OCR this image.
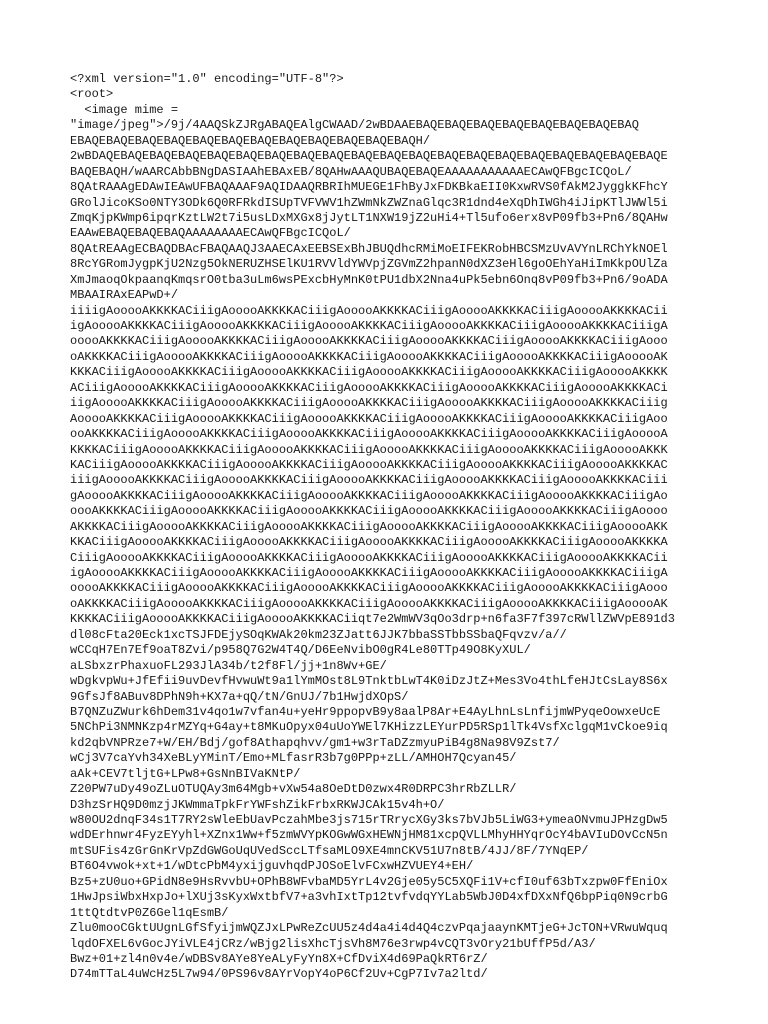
<?xml version="1.0" encoding="UTF-8"?>
<root>
<image mime =
"image/jpeg">/9j/4AAQSkZJRgABAQEAlgCWAAD/2wBDAAEBAQEBAQEBAQEBAQEBAQEBAQEBAQEBAQ
EBAQEBAQEBAQEBAQEBAQEBAQEBAQEBAQEBAQEBAQEBAQEBAQH/
2wBDAQEBAQEBAQEBAQEBAQEBAQEBAQEBAQEBAQEBAQEBAQEBAQEBAQEBAQEBAQEBAQEBAQEBAQEBAQEBAQE
BAQEBAQH/wAARCAbbBNgDASIAAhEBAxEB/8QAHwAAAQUBAQEBAQEAAAAAAAAAAAECAwQFBgcICQoL/
8QAtRAAAgEDAwIEAwUFBAQAAAF9AQIDAAQRBRIhMUEGE1FhByJxFDKBkaEII0KxwRVS0fAkM2JyggkKFhcY
GRolJicoKSo0NTY3ODk6Q0RFRkdISUpTVFVWV1hZWmNkZWZnaGlqc3R1dnd4eXqDhIWGh4iJipKTlJWWl5i
ZmqKjpKWmp6ipqrKztLW2t7i5usLDxMXGx8jJytLT1NXW19jZ2uHi4+Tl5ufo6erx8vP09fb3+Pn6/8QAHw
EAAwEBAQEBAQEBAQAAAAAAAAECAwQFBgcICQoL/
8QAtREAAgECBAQDBAcFBAQAAQJ3AAECAxEEBSExBhJBUQdhcRMiMoEIFEKRobHBCSMzUvAVYnLRChYkNOEl
8RcYGRomJygpKjU2Nzg5OkNERUZHSElKU1RVVldYWVpjZGVmZ2hpanN0dXZ3eHl6goOEhYaHiImKkpOUlZa
XmJmaoqOkpaanqKmqsrO0tba3uLm6wsPExcbHyMnK0tPU1dbX2Nna4uPk5ebn6Onq8vP09fb3+Pn6/9oADA
MBAAIRAxEAPwD+/
iiiigAooooAKKKKACiiigAooooAKKKKACiiigAooooAKKKKACiiigAooooAKKKKACiiigAooooAKKKKACii
igAooooAKKKKACiiigAooooAKKKKACiiigAooooAKKKKACiiigAooooAKKKKACiiigAooooAKKKKACiiigA
ooooAKKKKACiiigAooooAKKKKACiiigAooooAKKKKACiiigAooooAKKKKACiiigAooooAKKKKACiiigAooo
oAKKKKACiiigAooooAKKKKACiiigAooooAKKKKACiiigAooooAKKKKACiiigAooooAKKKKACiiigAooooAK
KKKACiiigAooooAKKKKACiiigAooooAKKKKACiiigAooooAKKKKACiiigAooooAKKKKACiiigAooooAKKKK
ACiiigAooooAKKKKACiiigAooooAKKKKACiiigAooooAKKKKACiiigAooooAKKKKACiiigAooooAKKKKACi
iigAooooAKKKKACiiigAooooAKKKKACiiigAooooAKKKKACiiigAooooAKKKKACiiigAooooAKKKKACiiig
AooooAKKKKACiiigAooooAKKKKACiiigAooooAKKKKACiiigAooooAKKKKACiiigAooooAKKKKACiiigAoo
ooAKKKKACiiigAooooAKKKKACiiigAooooAKKKKACiiigAooooAKKKKACiiigAooooAKKKKACiiigAooooA
KKKKACiiigAooooAKKKKACiiigAooooAKKKKACiiigAooooAKKKKACiiigAooooAKKKKACiiigAooooAKKK
KACiiigAooooAKKKKACiiigAooooAKKKKACiiigAooooAKKKKACiiigAooooAKKKKACiiigAooooAKKKKAC
iiigAooooAKKKKACiiigAooooAKKKKACiiigAooooAKKKKACiiigAooooAKKKKACiiigAooooAKKKKACiii
gAooooAKKKKACiiigAooooAKKKKACiiigAooooAKKKKACiiigAooooAKKKKACiiigAooooAKKKKACiiigAo
oooAKKKKACiiigAooooAKKKKACiiigAooooAKKKKACiiigAooooAKKKKACiiigAooooAKKKKACiiigAoooo
AKKKKACiiigAooooAKKKKACiiigAooooAKKKKACiiigAooooAKKKKACiiigAooooAKKKKACiiigAooooAKK
KKACiiigAooooAKKKKACiiigAooooAKKKKACiiigAooooAKKKKACiiigAooooAKKKKACiiigAooooAKKKKA
CiiigAooooAKKKKACiiigAooooAKKKKACiiigAooooAKKKKACiiigAooooAKKKKACiiigAooooAKKKKACii
igAooooAKKKKACiiigAooooAKKKKACiiigAooooAKKKKACiiigAooooAKKKKACiiigAooooAKKKKACiiigA
ooooAKKKKACiiigAooooAKKKKACiiigAooooAKKKKACiiigAooooAKKKKACiiigAooooAKKKKACiiigAooo
oAKKKKACiiigAooooAKKKKACiiigAooooAKKKKACiiigAooooAKKKKACiiigAooooAKKKKACiiigAooooAK
KKKKACiiigAooooAKKKKACiiigAooooAKKKKACiiqt7e2WmWV3qOo3drp+n6fa3F7f397cRWllZWVpE891d3
dl08cFta20Eck1xcTSJFDEjySOqKWAk20km23ZJatt6JJK7bbaSSTbbSSbaQFqvzv/a//
wCCqH7En7Ef9oaT8Zvi/p958Q7G2W4T4Q/D6EeNvibO0gR4Le80TTp49O8KyXUL/
aLSbxzrPhaxuoFL293JlA34b/t2f8Fl/jj+1n8Wv+GE/
wDgkvpWu+JfEfii9uvDevfHvwuWt9a1lYmMOst8L9TnktbLwT4K0iDzJtZ+Mes3Vo4thLfeHJtCsLay8S6x
9GfsJf8ABuv8DPhN9h+KX7a+qQ/tN/GnUJ/7b1HwjdXOpS/
B7QNZuZWurk6hDem31v4qo1w7vfan4u+yeHr9ppopvB9y8aalP8Ar+E4AyLhnLsLnfijmWPyqeOowxeUcE
5NChPi3NMNKzp4rMZYq+G4ay+t8MKuOpyx04uUoYWEl7KHizzLEYurPD5RSp1lTk4VsfXclgqM1vCkoe9iq
kd2qbVNPRze7+W/EH/Bdj/gof8Athapqhvv/gm1+w3rTaDZzmyuPiB4g8Na98V9Zst7/
wCj3V7caYvh34XeBLyYMinT/Emo+MLfasrR3b7g0PPp+zLL/AMHOH7Qcyan45/
aAk+CEV7tljtG+LPw8+GsNnBIVaKNtP/
Z20PW7uDy49oZLuOTUQAy3m64Mgb+vXw54a8OeDtD0zwx4R0DRPC3hrRbZLLR/
D3hzSrHQ9D0mzjJKWmmaTpkFrYWFshZikFrbxRKWJCAk15v4h+O/
w80OU2dnqF34s1T7RY2sWleEbUavPczahMbe3js715rTRrycXGy3ks7bVJb5LiWG3+ymeaONvmuJPHzgDw5
wdDErhnwr4FyzEYyhl+XZnx1Ww+f5zmWVYpKOGwWGxHEWNjHM81xcpQVLLMhyHHYqrOcY4bAVIuDOvCcN5n
mtSUFis4zGrGnKrVpZdGWGoUqUVedSccLTfsaMLO9XE4mnCKV51U7n8tB/4JJ/8F/7YNqEP/
BT6O4vwok+xt+1/wDtcPbM4yxijguvhqdPJOSoElvFCxwHZVUEY4+EH/
Bz5+zU0uo+GPidN8e9HsRvvbU+OPhB8WFvbaMD5YrL4v2Gje05y5C5XQFi1V+cfI0uf63bTxzpw0FfEniOx
1HwJpsiWbxHxpJo+lXUj3sKyxWxtbfV7+a3vhIxtTp12tvfvdqYYLab5WbJ0D4xfDXxNfQ6bpPiq0N9crbG
1ttQtdtvP0Z6Gel1qEsmB/
Zlu0mooCGktUUgnLGfSfyijmWQZJxLPwReZcUU5z4d4a4i4d4Q4czvPqajaaynKMTjeG+JcTON+VRwuWquq
lqdOFXEL6vGocJYiVLE4jCRz/wBjg2lisXhcTjsVh8M76e3rwp4vCQT3vOry21bUffP5d/A3/
Bwz+01+zl4n0v4e/wDBSv8AYe8YeALyFyYn8X+CfDviX4d69PaQkRT6rZ/
D74mTTaL4uWcHz5L7w94/0PS96v8AYrVopY4oP6Cf2Uv+CgP7Iv7a2ltd/
